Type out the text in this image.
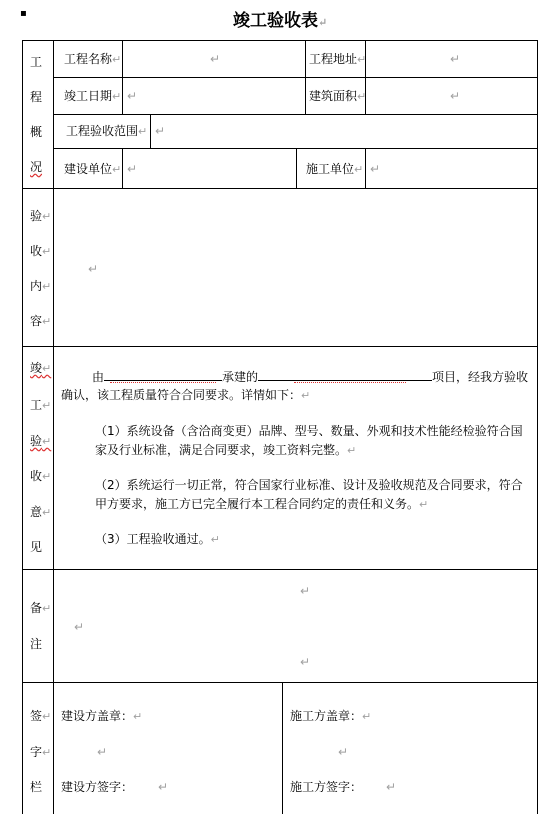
▪	竣工验收表↵
工
程
概
况
工程名称↵	↵	工程地址↵	↵
竣工日期↵ ↵	建筑面积↵	↵
工程验收范围↵ ↵
建设单位↵ ↵	施工单位↵ ↵
验↵
收↵
内↵
容↵
↵
竣↵
工↵
验↵
收↵
意↵
见
由	承建的	项目，经我方验收
确认，该工程质量符合合同要求。详情如下：↵
（1）系统设备（含洽商变更）品牌、型号、数量、外观和技术性能经检验符合国
家及行业标准，满足合同要求，竣工资料完整。↵
（2）系统运行一切正常，符合国家行业标准、设计及验收规范及合同要求，符合
甲方要求，施工方已完全履行本工程合同约定的责任和义务。↵
（3）工程验收通过。↵
备↵
注
↵
↵
↵
签↵
字↵
栏
建设方盖章：↵	施工方盖章：↵
↵	↵
建设方签字： ↵	施工方签字： ↵
